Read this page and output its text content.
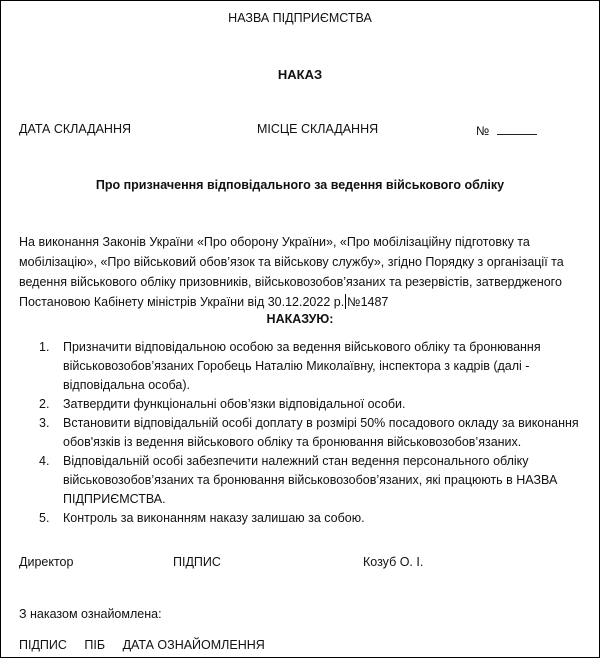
НАЗВА ПІДПРИЄМСТВА
НАКАЗ
ДАТА СКЛАДАННЯ	МІСЦЕ СКЛАДАННЯ	№
Про призначення відповідального за ведення військового обліку
На виконання Законів України «Про оборону України», «Про мобілізаційну підготовку та
мобілізацію», «Про військовий обов’язок та військову службу», згідно Порядку з організації та
ведення військового обліку призовників, військовозобов’язаних та резервістів, затвердженого
Постановою Кабінету міністрів України від 30.12.2022 р. №1487
НАКАЗУЮ:
1. Призначити відповідальною особою за ведення військового обліку та бронювання
військовозобов’язаних Горобець Наталію Миколаївну, інспектора з кадрів (далі -
відповідальна особа).
2. Затвердити функціональні обов’язки відповідальної особи.
3. Встановити відповідальній особі доплату в розмірі 50% посадового окладу за виконання
обов'язків із ведення військового обліку та бронювання військовозобов’язаних.
4. Відповідальній особі забезпечити належний стан ведення персонального обліку
військовозобов’язаних та бронювання військовозобов’язаних, які працюють в НАЗВА
ПІДПРИЄМСТВА.
5. Контроль за виконанням наказу залишаю за собою.
Директор	ПІДПИС	Козуб О. І.
З наказом ознайомлена:
ПІДПИС ПІБ ДАТА ОЗНАЙОМЛЕННЯ
